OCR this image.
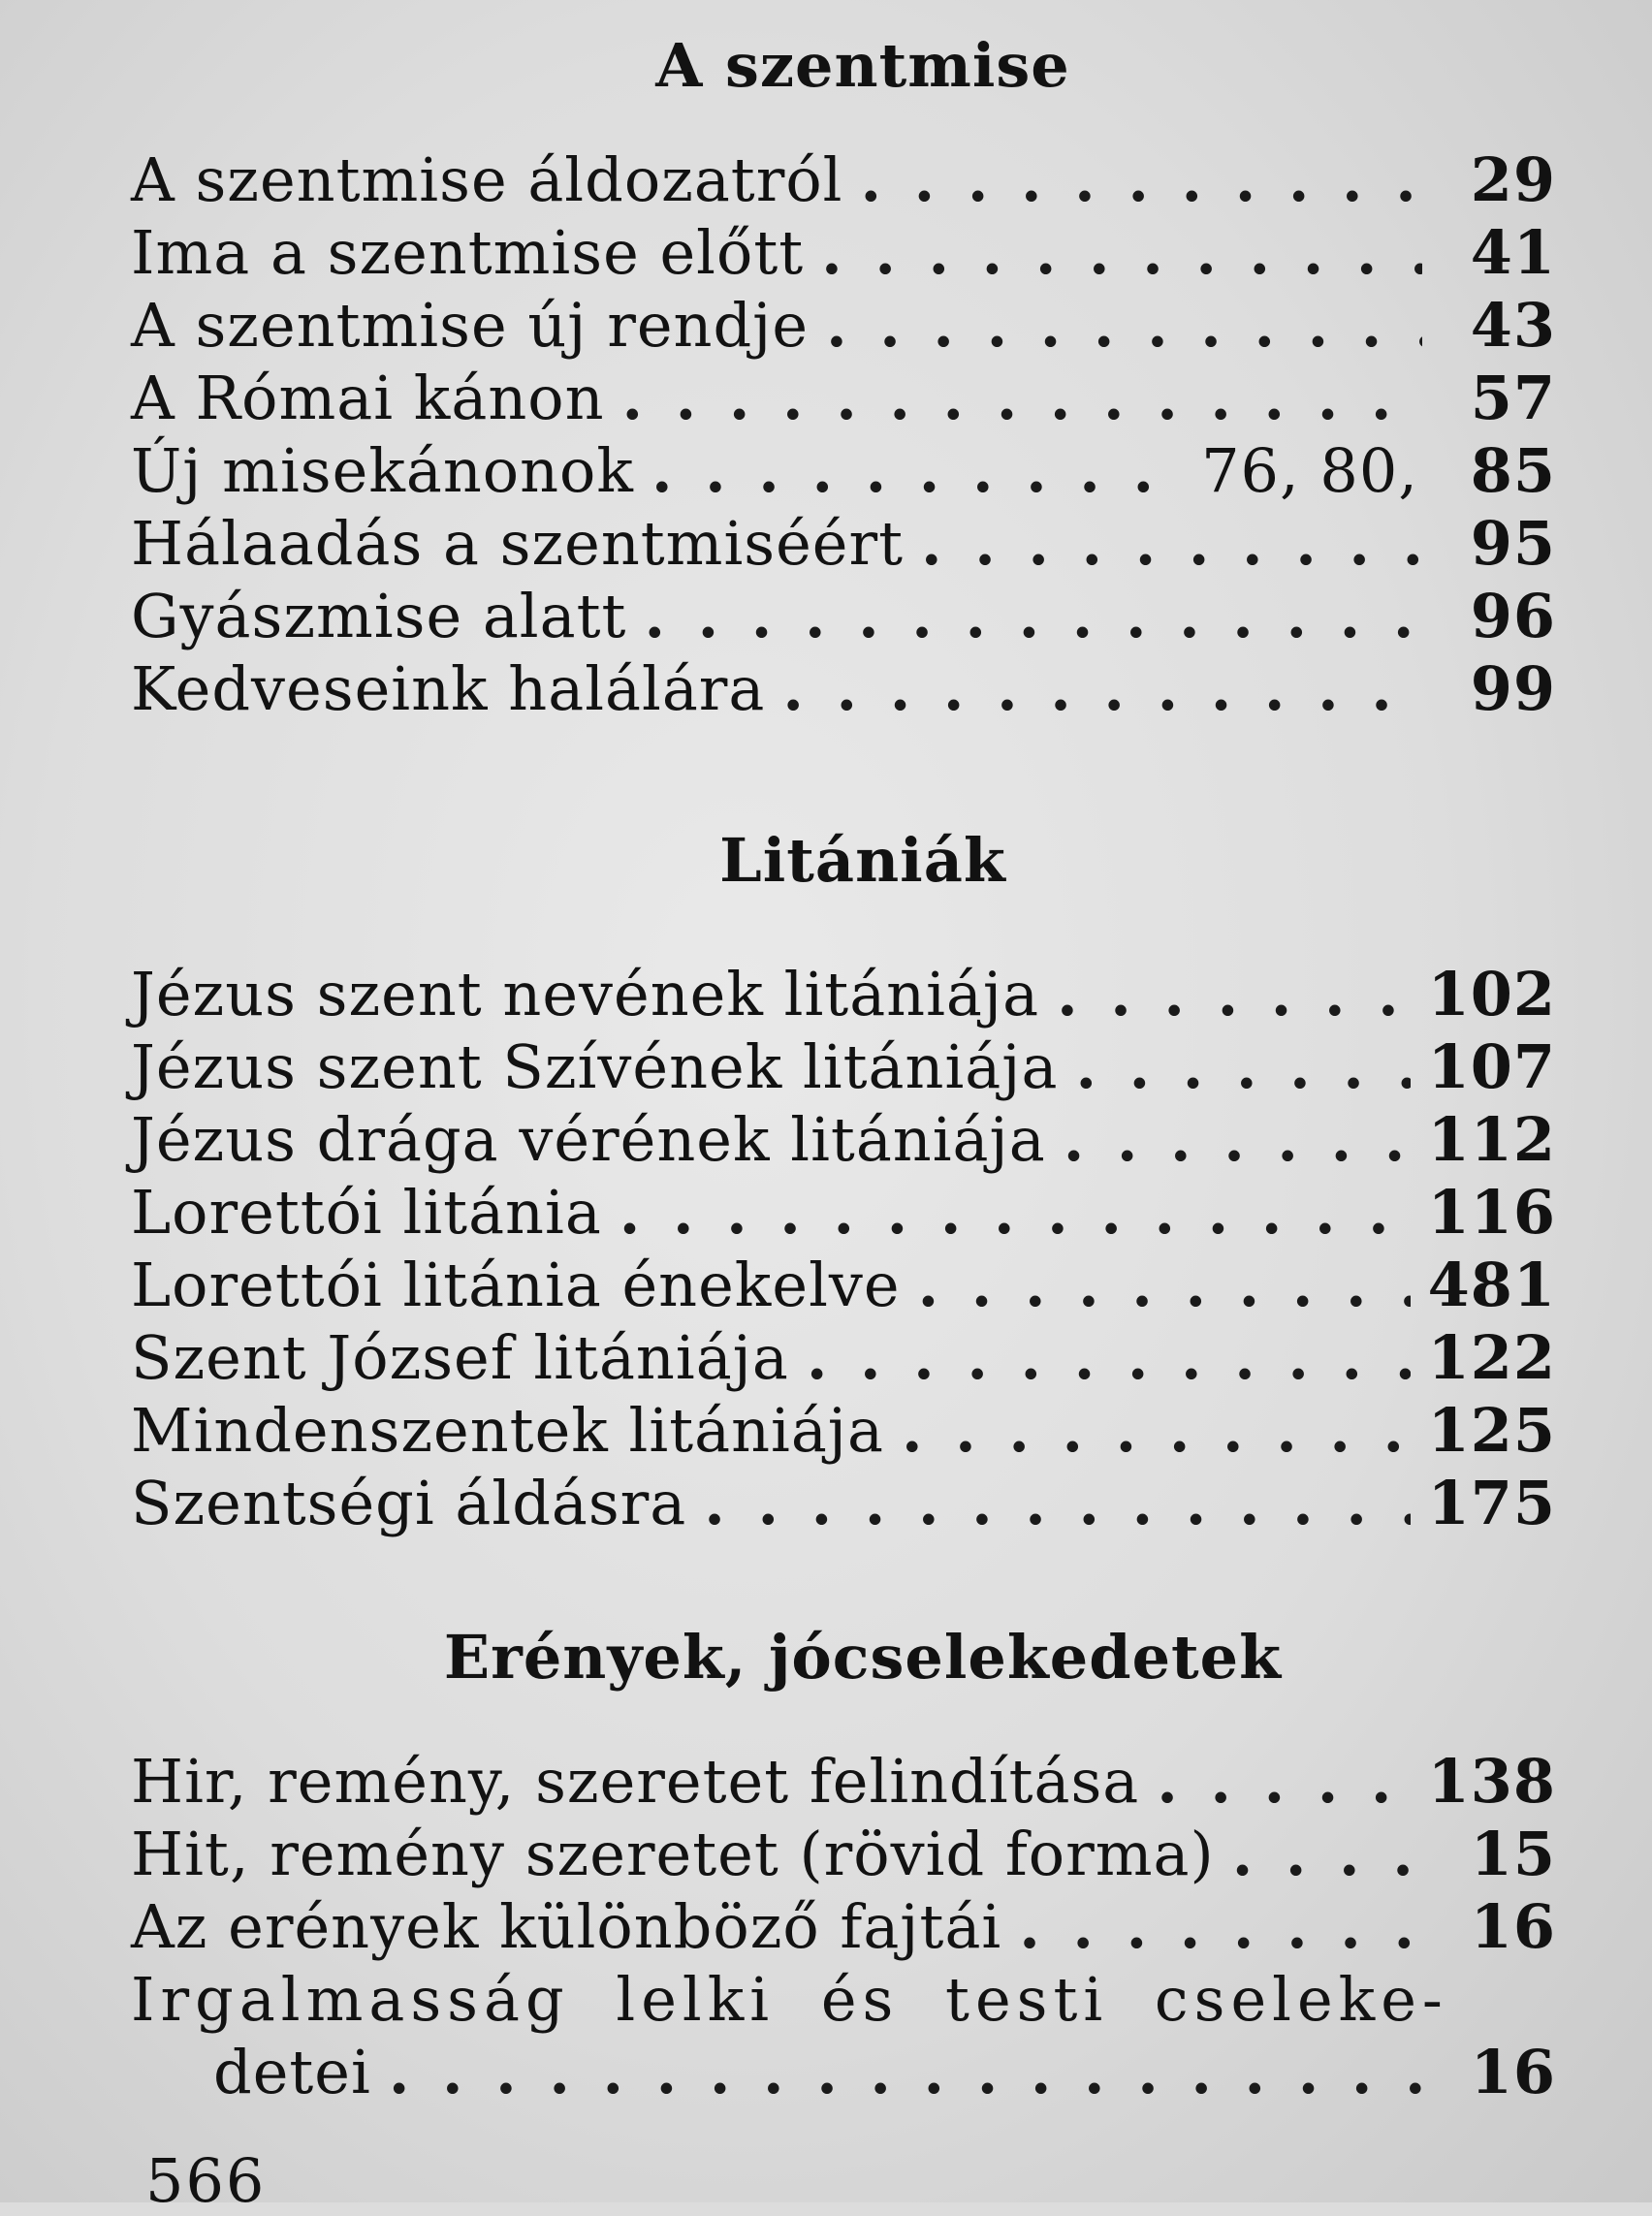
A szentmise
A szentmise áldozatról . . .	29
Ima a szentmise előtt . . .	41
A szentmise új rendje . . .	43
A Római kánon . . .	57
Új misekánonok . . .	76, 80, 85
Hálaadás a szentmiséért . . .	95
Gyászmise alatt . . .	96
Kedveseink halálára . . .	99
Litániák
Jézus szent nevének litániája . . .	102
Jézus szent Szívének litániája . . .	107
Jézus drága vérének litániája . . .	112
Lorettói litánia . . .	116
Lorettói litánia énekelve . . .	481
Szent József litániája . . .	122
Mindenszentek litániája . . .	125
Szentségi áldásra . . .	175
Erények, jócselekedetek
Hir, remény, szeretet felindítása . . .	138
Hit, remény szeretet (rövid forma) . . .	15
Az erények különböző fajtái . . .	16
Irgalmasság lelki és testi cseleke-
detei . . .	16
566
